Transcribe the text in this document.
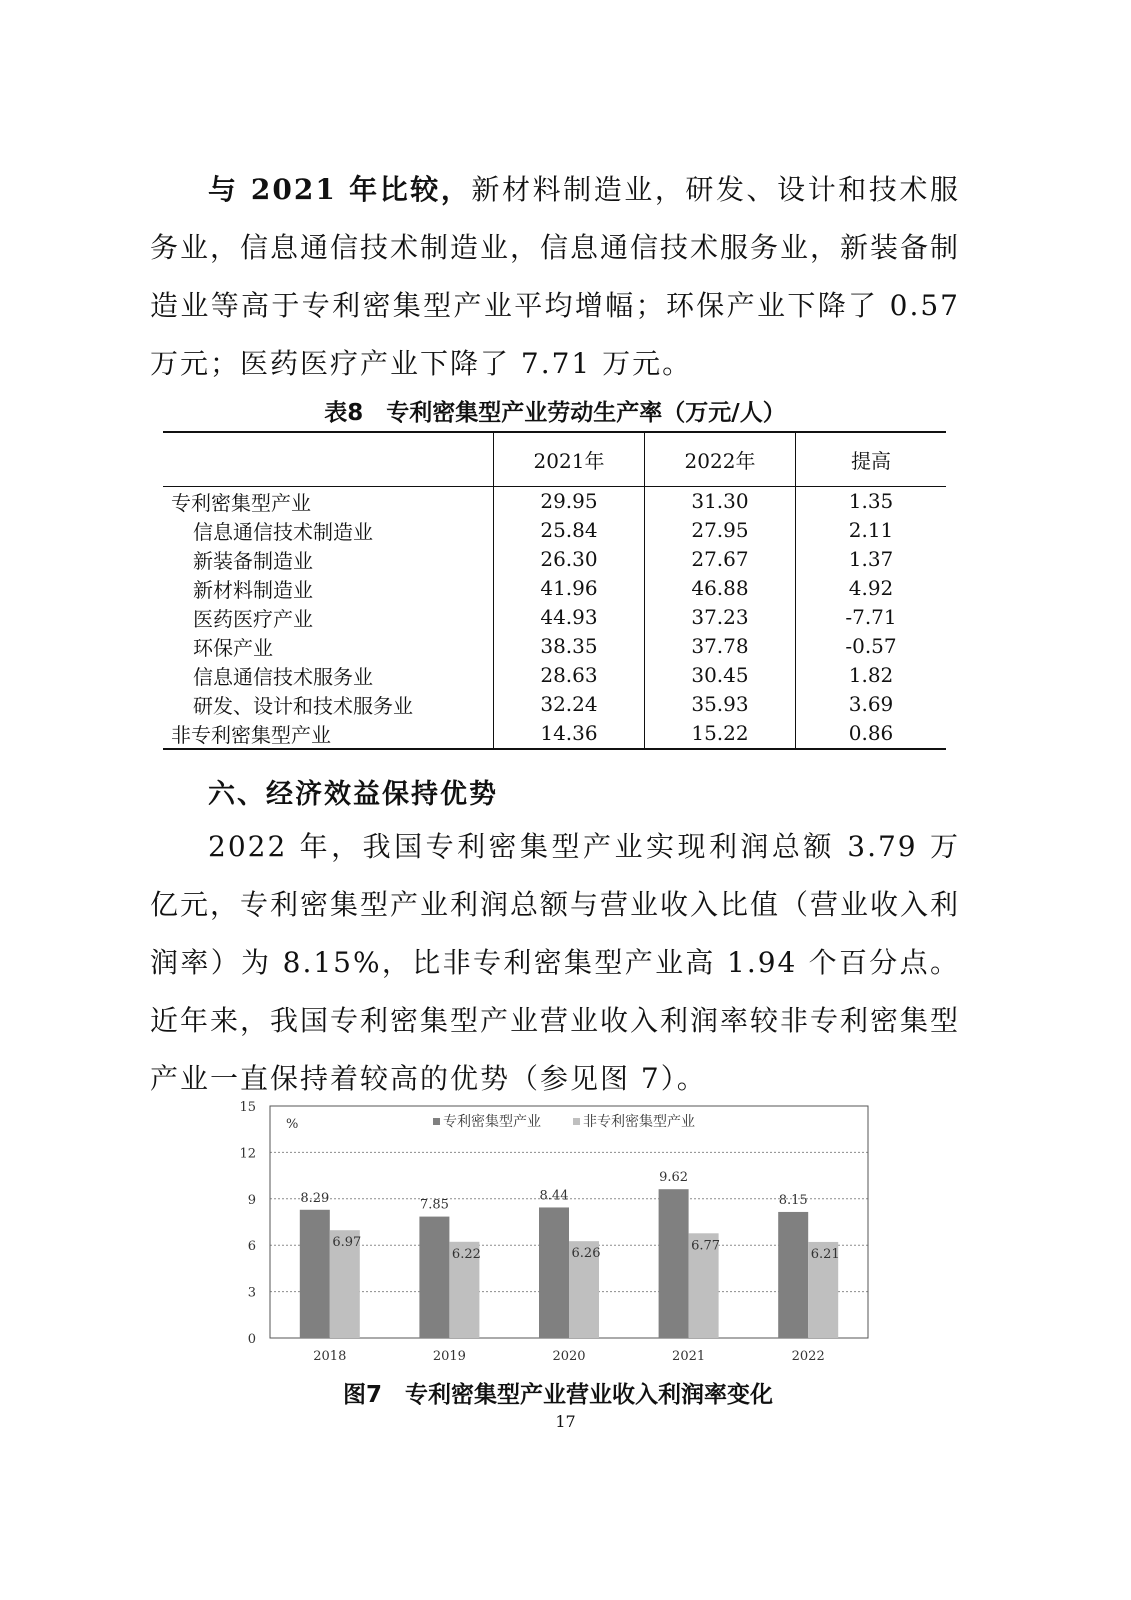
与 2021 年比较，新材料制造业，研发、设计和技术服务业，信息通信技术制造业，信息通信技术服务业，新装备制造业等高于专利密集型产业平均增幅；环保产业下降了 0.57 万元；医药医疗产业下降了 7.71 万元。
表8　专利密集型产业劳动生产率（万元/人）
	2021年	2022年	提高
专利密集型产业	29.95	31.30	1.35
信息通信技术制造业	25.84	27.95	2.11
新装备制造业	26.30	27.67	1.37
新材料制造业	41.96	46.88	4.92
医药医疗产业	44.93	37.23	-7.71
环保产业	38.35	37.78	-0.57
信息通信技术服务业	28.63	30.45	1.82
研发、设计和技术服务业	32.24	35.93	3.69
非专利密集型产业	14.36	15.22	0.86
六、经济效益保持优势
2022 年，我国专利密集型产业实现利润总额 3.79 万亿元，专利密集型产业利润总额与营业收入比值（营业收入利润率）为 8.15%，比非专利密集型产业高 1.94 个百分点。近年来，我国专利密集型产业营业收入利润率较非专利密集型产业一直保持着较高的优势（参见图 7）。
0
3
6
9
12
15
%	专利密集型产业	非专利密集型产业
8.29
6.97
2018
7.85
6.22
2019
8.44
6.26
2020
9.62
6.77
2021
8.15
6.21
2022
图7　专利密集型产业营业收入利润率变化
17
